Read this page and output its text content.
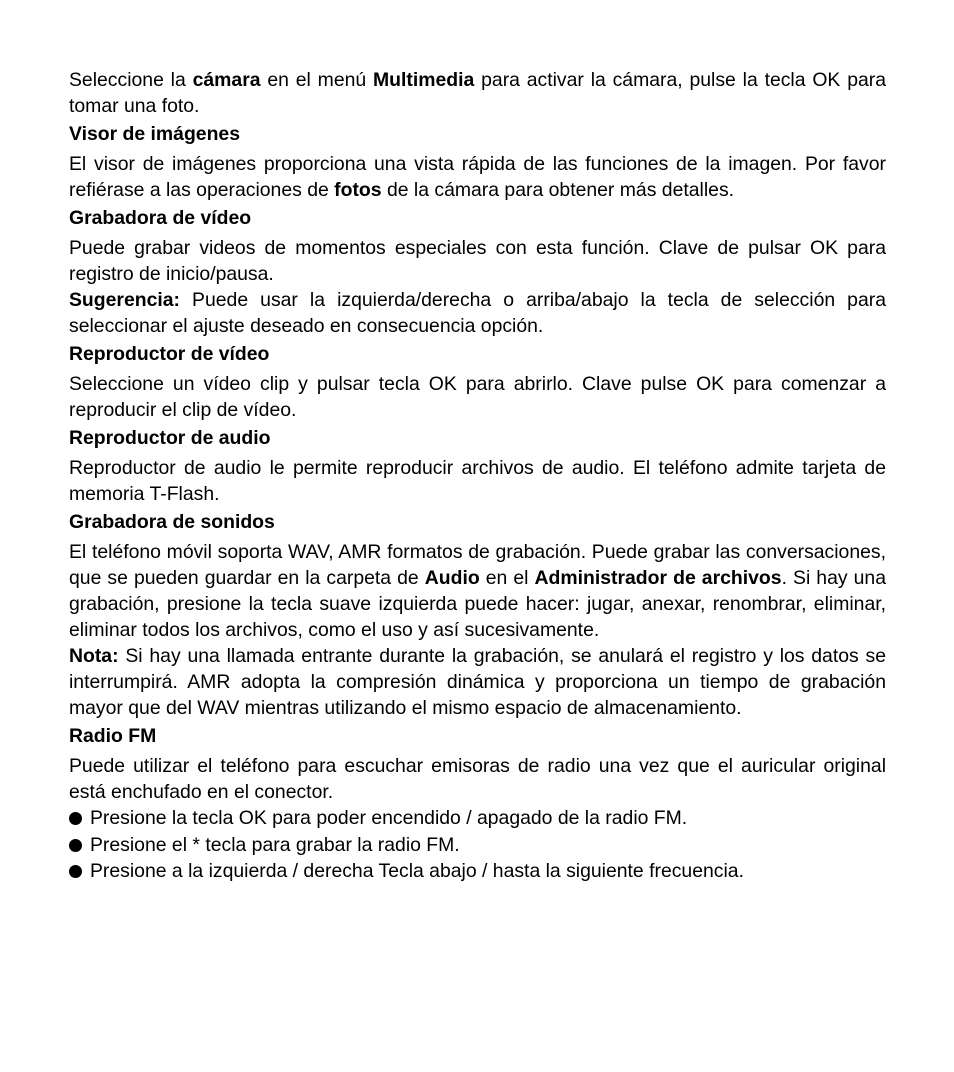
Seleccione la cámara en el menú Multimedia para activar la cámara, pulse la tecla OK para tomar una foto.

Visor de imágenes

El visor de imágenes proporciona una vista rápida de las funciones de la imagen. Por favor refiérase a las operaciones de fotos de la cámara para obtener más detalles.

Grabadora de vídeo

Puede grabar videos de momentos especiales con esta función. Clave de pulsar OK para registro de inicio/pausa.

Sugerencia: Puede usar la izquierda/derecha o arriba/abajo la tecla de selección para seleccionar el ajuste deseado en consecuencia opción.

Reproductor de vídeo

Seleccione un vídeo clip y pulsar tecla OK para abrirlo. Clave pulse OK para comenzar a reproducir el clip de vídeo.

Reproductor de audio

Reproductor de audio le permite reproducir archivos de audio. El teléfono admite tarjeta de memoria T-Flash.

Grabadora de sonidos

El teléfono móvil soporta WAV, AMR formatos de grabación. Puede grabar las conversaciones, que se pueden guardar en la carpeta de Audio en el Administrador de archivos. Si hay una grabación, presione la tecla suave izquierda puede hacer: jugar, anexar, renombrar, eliminar, eliminar todos los archivos, como el uso y así sucesivamente.

Nota: Si hay una llamada entrante durante la grabación, se anulará el registro y los datos se interrumpirá. AMR adopta la compresión dinámica y proporciona un tiempo de grabación mayor que del WAV mientras utilizando el mismo espacio de almacenamiento.

Radio FM

Puede utilizar el teléfono para escuchar emisoras de radio una vez que el auricular original está enchufado en el conector.

Presione la tecla OK para poder encendido / apagado de la radio FM.
Presione el * tecla para grabar la radio FM.
Presione a la izquierda / derecha Tecla abajo / hasta la siguiente frecuencia.
